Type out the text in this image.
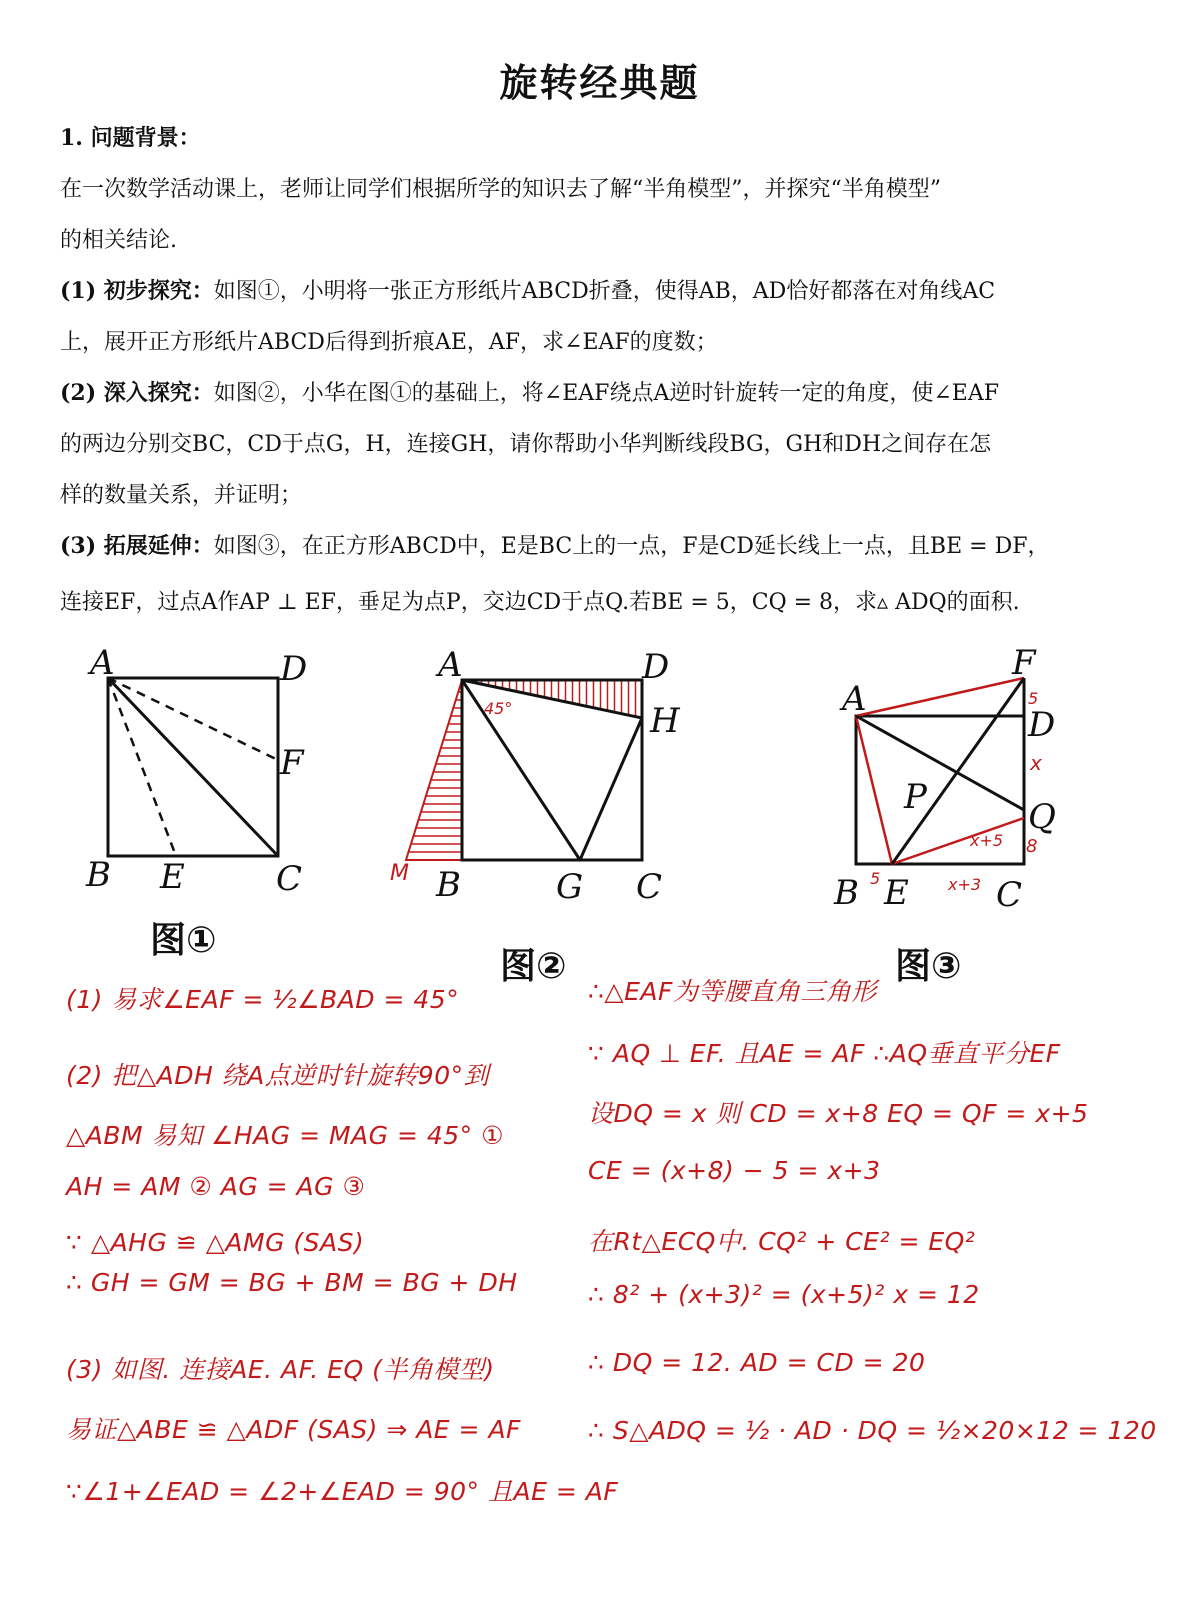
旋转经典题
1. 问题背景：
在一次数学活动课上，老师让同学们根据所学的知识去了解“半角模型”，并探究“半角模型”
的相关结论.
(1) 初步探究：如图①，小明将一张正方形纸片ABCD折叠，使得AB，AD恰好都落在对角线AC
上，展开正方形纸片ABCD后得到折痕AE，AF，求∠EAF的度数；
(2) 深入探究：如图②，小华在图①的基础上，将∠EAF绕点A逆时针旋转一定的角度，使∠EAF
的两边分别交BC，CD于点G，H，连接GH，请你帮助小华判断线段BG，GH和DH之间存在怎
样的数量关系，并证明；
(3) 拓展延伸：如图③，在正方形ABCD中，E是BC上的一点，F是CD延长线上一点，且BE = DF，
连接EF，过点A作AP ⊥ EF，垂足为点P，交边CD于点Q.若BE = 5，CQ = 8，求▵ ADQ的面积.
A	D
F
B E	C
图①
45°
A	D
H
M B	G C
图②
A
F
D
P	Q
B E	C
5
x
x+5 8
5	x+3
图③
(1) 易求∠EAF = ½∠BAD = 45°
(2) 把△ADH 绕A点逆时针旋转90°到
△ABM 易知 ∠HAG = MAG = 45° ①
AH = AM ② AG = AG ③
∵ △AHG ≌ △AMG (SAS)
∴ GH = GM = BG + BM = BG + DH
(3) 如图. 连接AE. AF. EQ (半角模型)
易证△ABE ≌ △ADF (SAS) ⇒ AE = AF
∵∠1+∠EAD = ∠2+∠EAD = 90° 且AE = AF
∴△EAF为等腰直角三角形
∵ AQ ⊥ EF. 且AE = AF ∴AQ垂直平分EF
设DQ = x 则 CD = x+8 EQ = QF = x+5
CE = (x+8) − 5 = x+3
在Rt△ECQ中. CQ² + CE² = EQ²
∴ 8² + (x+3)² = (x+5)² x = 12
∴ DQ = 12. AD = CD = 20
∴ S△ADQ = ½ · AD · DQ = ½×20×12 = 120
